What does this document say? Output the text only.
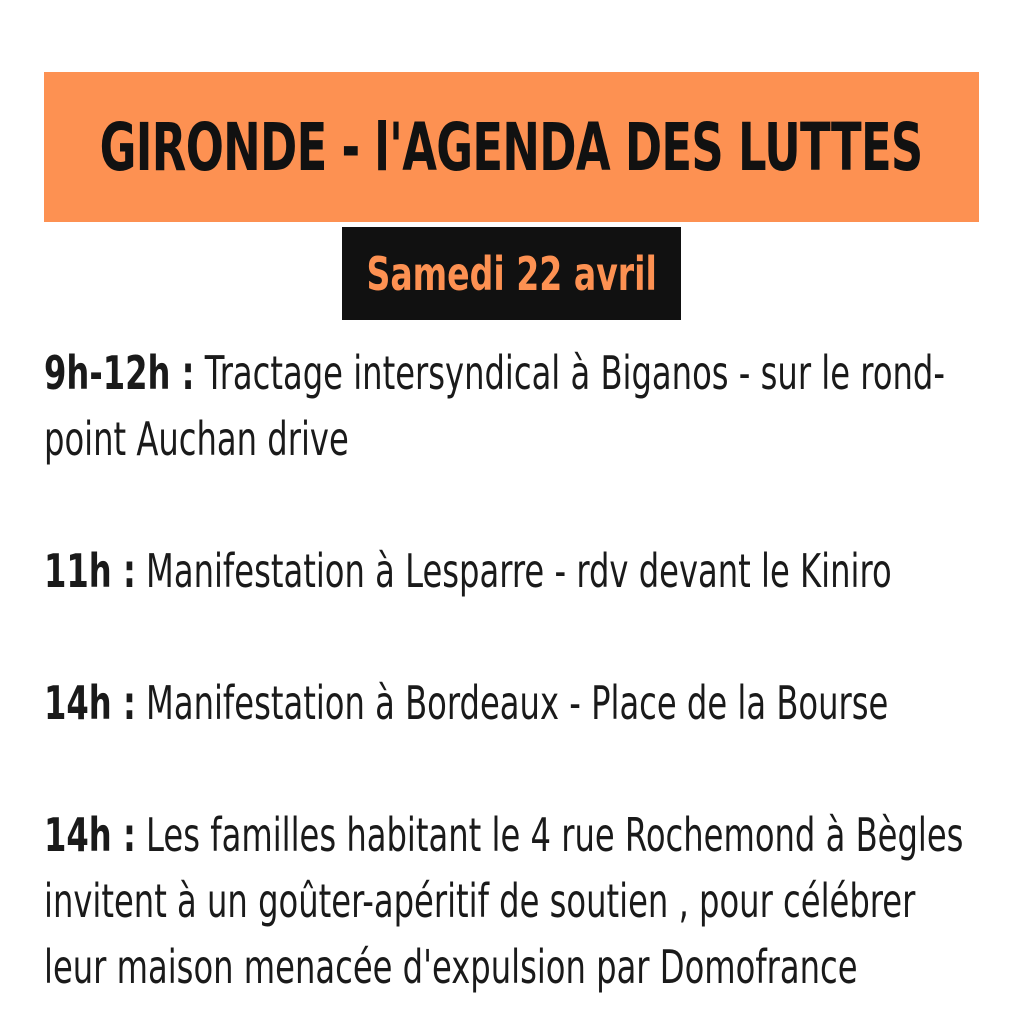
GIRONDE - l'AGENDA DES LUTTES
Samedi 22 avril

9h-12h : Tractage intersyndical à Biganos - sur le rond-point Auchan drive

11h : Manifestation à Lesparre - rdv devant le Kiniro

14h : Manifestation à Bordeaux - Place de la Bourse

14h : Les familles habitant le 4 rue Rochemond à Bègles invitent à un goûter-apéritif de soutien , pour célébrer leur maison menacée d'expulsion par Domofrance
